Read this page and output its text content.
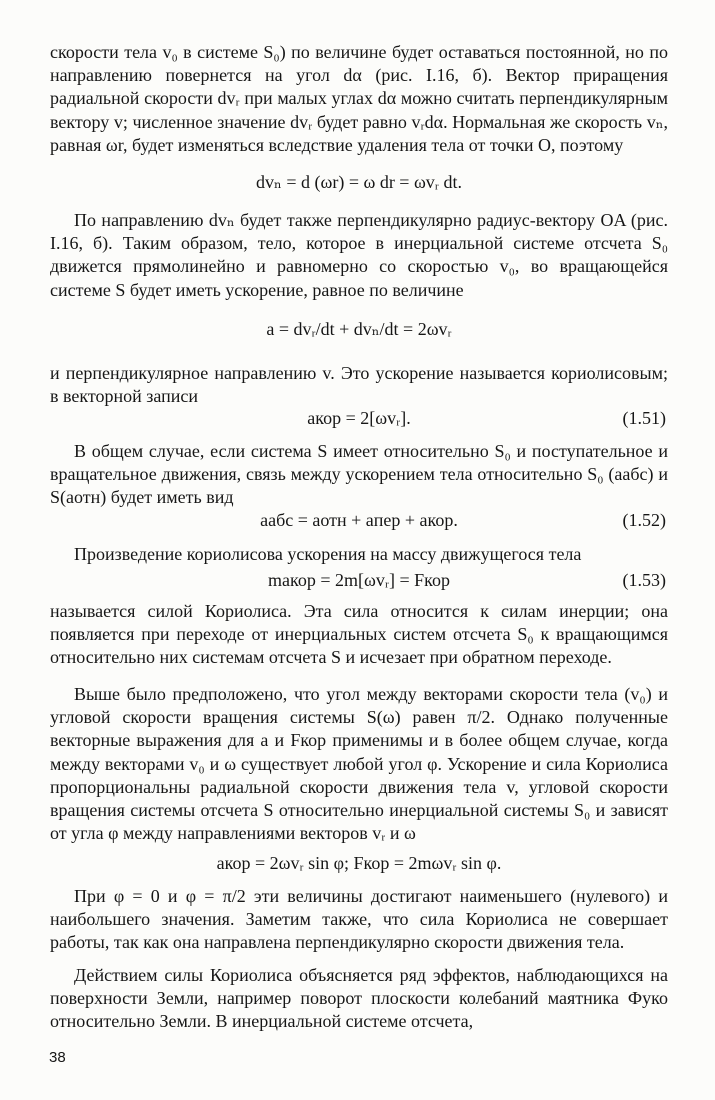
скорости тела v₀ в системе S₀) по величине будет оставаться постоянной, но по направлению повернется на угол dα (рис. I.16, б). Вектор приращения радиальной скорости dvᵣ при малых углах dα можно считать перпендикулярным вектору v; численное значение dvᵣ будет равно vᵣdα. Нормальная же скорость vₙ, равная ωr, будет изменяться вследствие удаления тела от точки O, поэтому

dvₙ = d (ωr) = ω dr = ωvᵣ dt.

По направлению dvₙ будет также перпендикулярно радиус-вектору OA (рис. I.16, б). Таким образом, тело, которое в инерциальной системе отсчета S₀ движется прямолинейно и равномерно со скоростью v₀, во вращающейся системе S будет иметь ускорение, равное по величине

a = dvᵣ/dt + dvₙ/dt = 2ωvᵣ

и перпендикулярное направлению v. Это ускорение называется кориолисовым; в векторной записи

aкор = 2[ωvᵣ].	(1.51)

В общем случае, если система S имеет относительно S₀ и поступательное и вращательное движения, связь между ускорением тела относительно S₀ (aабс) и S(aотн) будет иметь вид

aабс = aотн + aпер + aкор.	(1.52)

Произведение кориолисова ускорения на массу движущегося тела

maкор = 2m[ωvᵣ] = Fкор	(1.53)

называется силой Кориолиса. Эта сила относится к силам инерции; она появляется при переходе от инерциальных систем отсчета S₀ к вращающимся относительно них системам отсчета S и исчезает при обратном переходе.

Выше было предположено, что угол между векторами скорости тела (v₀) и угловой скорости вращения системы S(ω) равен π/2. Однако полученные векторные выражения для a и Fкор применимы и в более общем случае, когда между векторами v₀ и ω существует любой угол φ. Ускорение и сила Кориолиса пропорциональны радиальной скорости движения тела v, угловой скорости вращения системы отсчета S относительно инерциальной системы S₀ и зависят от угла φ между направлениями векторов vᵣ и ω

aкор = 2ωvᵣ sin φ; Fкор = 2mωvᵣ sin φ.

При φ = 0 и φ = π/2 эти величины достигают наименьшего (нулевого) и наибольшего значения. Заметим также, что сила Кориолиса не совершает работы, так как она направлена перпендикулярно скорости движения тела.

Действием силы Кориолиса объясняется ряд эффектов, наблюдающихся на поверхности Земли, например поворот плоскости колебаний маятника Фуко относительно Земли. В инерциальной системе отсчета,

38
